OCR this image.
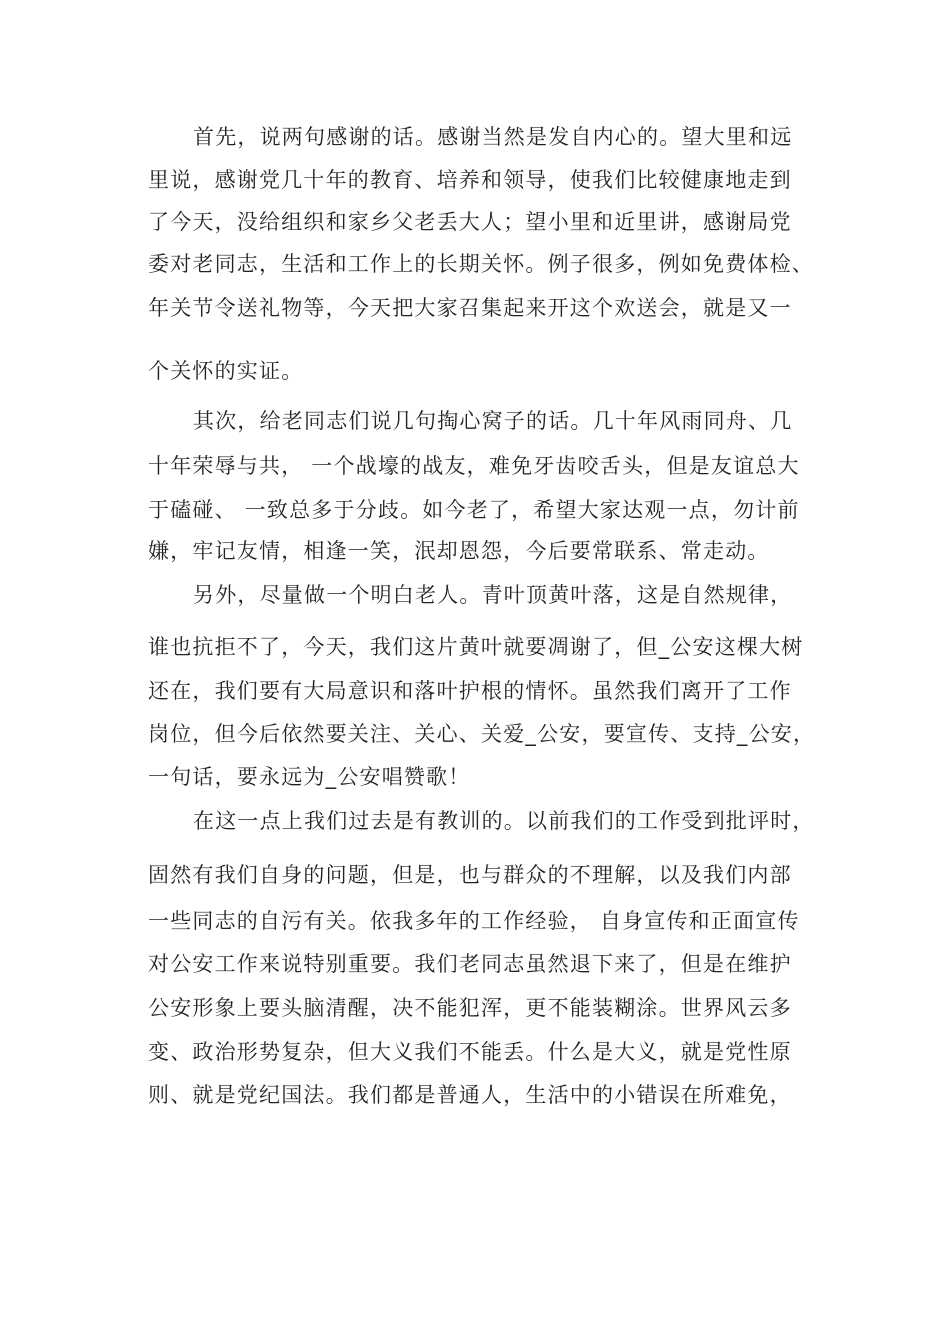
首先，说两句感谢的话。感谢当然是发自内心的。望大里和远
里说，感谢党几十年的教育、培养和领导，使我们比较健康地走到
了今天，没给组织和家乡父老丢大人；望小里和近里讲，感谢局党
委对老同志，生活和工作上的长期关怀。例子很多，例如免费体检、
年关节令送礼物等，今天把大家召集起来开这个欢送会，就是又一
个关怀的实证。
其次，给老同志们说几句掏心窝子的话。几十年风雨同舟、几
十年荣辱与共， 一个战壕的战友，难免牙齿咬舌头，但是友谊总大
于磕碰、 一致总多于分歧。如今老了，希望大家达观一点，勿计前
嫌，牢记友情，相逢一笑，泯却恩怨，今后要常联系、常走动。
另外，尽量做一个明白老人。青叶顶黄叶落，这是自然规律，
谁也抗拒不了，今天，我们这片黄叶就要凋谢了，但_公安这棵大树
还在，我们要有大局意识和落叶护根的情怀。虽然我们离开了工作
岗位，但今后依然要关注、关心、关爱_公安，要宣传、支持_公安，
一句话，要永远为_公安唱赞歌！
在这一点上我们过去是有教训的。以前我们的工作受到批评时，
固然有我们自身的问题，但是，也与群众的不理解，以及我们内部
一些同志的自污有关。依我多年的工作经验， 自身宣传和正面宣传
对公安工作来说特别重要。我们老同志虽然退下来了，但是在维护
公安形象上要头脑清醒，决不能犯浑，更不能装糊涂。世界风云多
变、政治形势复杂，但大义我们不能丢。什么是大义，就是党性原
则、就是党纪国法。我们都是普通人，生活中的小错误在所难免，
